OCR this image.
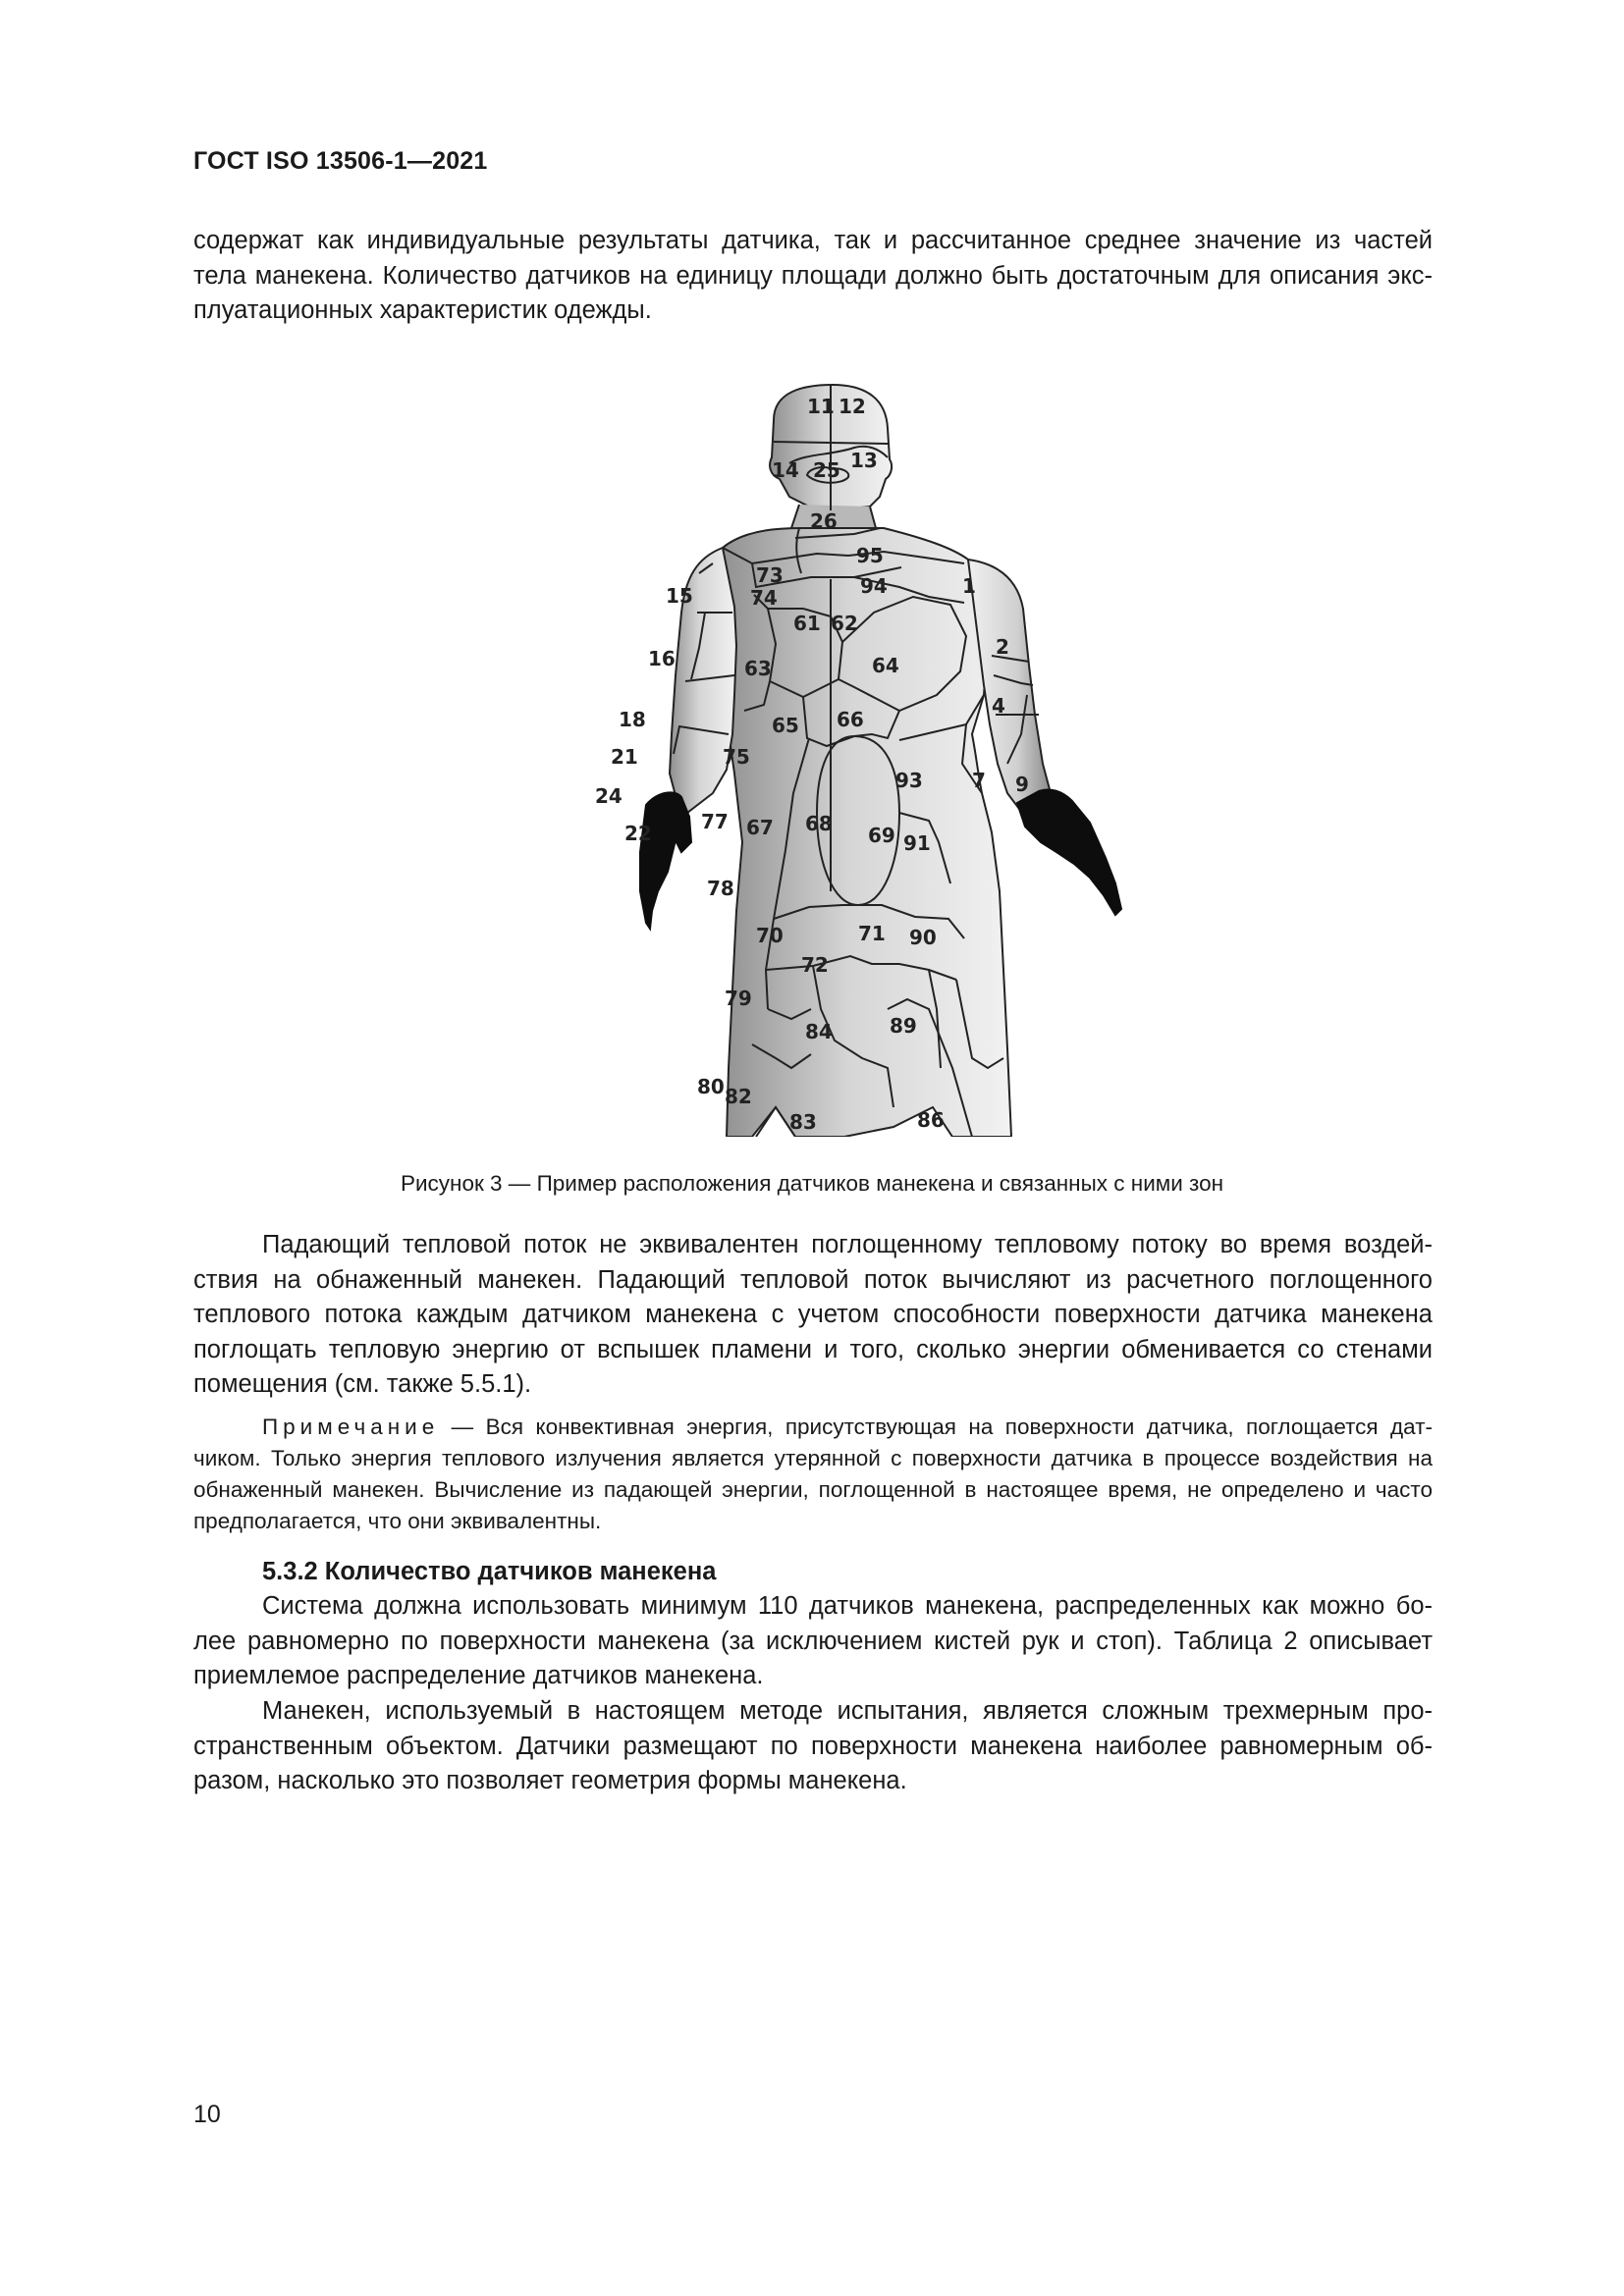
ГОСТ ISO 13506-1—2021
содержат как индивидуальные результаты датчика, так и рассчитанное среднее значение из частей
тела манекена. Количество датчиков на единицу площади должно быть достаточным для описания экс-
плуатационных характеристик одежды.
11 12
13
14 25
26
95
73	94	1
15	74
61 62
16	2
63	64
4
18	65 66
75
21
93	7 9
24
68
77 67	69 91
22
78
70	71 90
72
79
84	89
80 82
83	86
Рисунок 3 — Пример расположения датчиков манекена и связанных с ними зон
Падающий тепловой поток не эквивалентен поглощенному тепловому потоку во время воздей-
ствия на обнаженный манекен. Падающий тепловой поток вычисляют из расчетного поглощенного
теплового потока каждым датчиком манекена с учетом способности поверхности датчика манекена
поглощать тепловую энергию от вспышек пламени и того, сколько энергии обменивается со стенами
помещения (см. также 5.5.1).
Примечание — Вся конвективная энергия, присутствующая на поверхности датчика, поглощается дат-
чиком. Только энергия теплового излучения является утерянной с поверхности датчика в процессе воздействия на
обнаженный манекен. Вычисление из падающей энергии, поглощенной в настоящее время, не определено и часто
предполагается, что они эквивалентны.
5.3.2 Количество датчиков манекена
Система должна использовать минимум 110 датчиков манекена, распределенных как можно бо-
лее равномерно по поверхности манекена (за исключением кистей рук и стоп). Таблица 2 описывает
приемлемое распределение датчиков манекена.
Манекен, используемый в настоящем методе испытания, является сложным трехмерным про-
странственным объектом. Датчики размещают по поверхности манекена наиболее равномерным об-
разом, насколько это позволяет геометрия формы манекена.
10
